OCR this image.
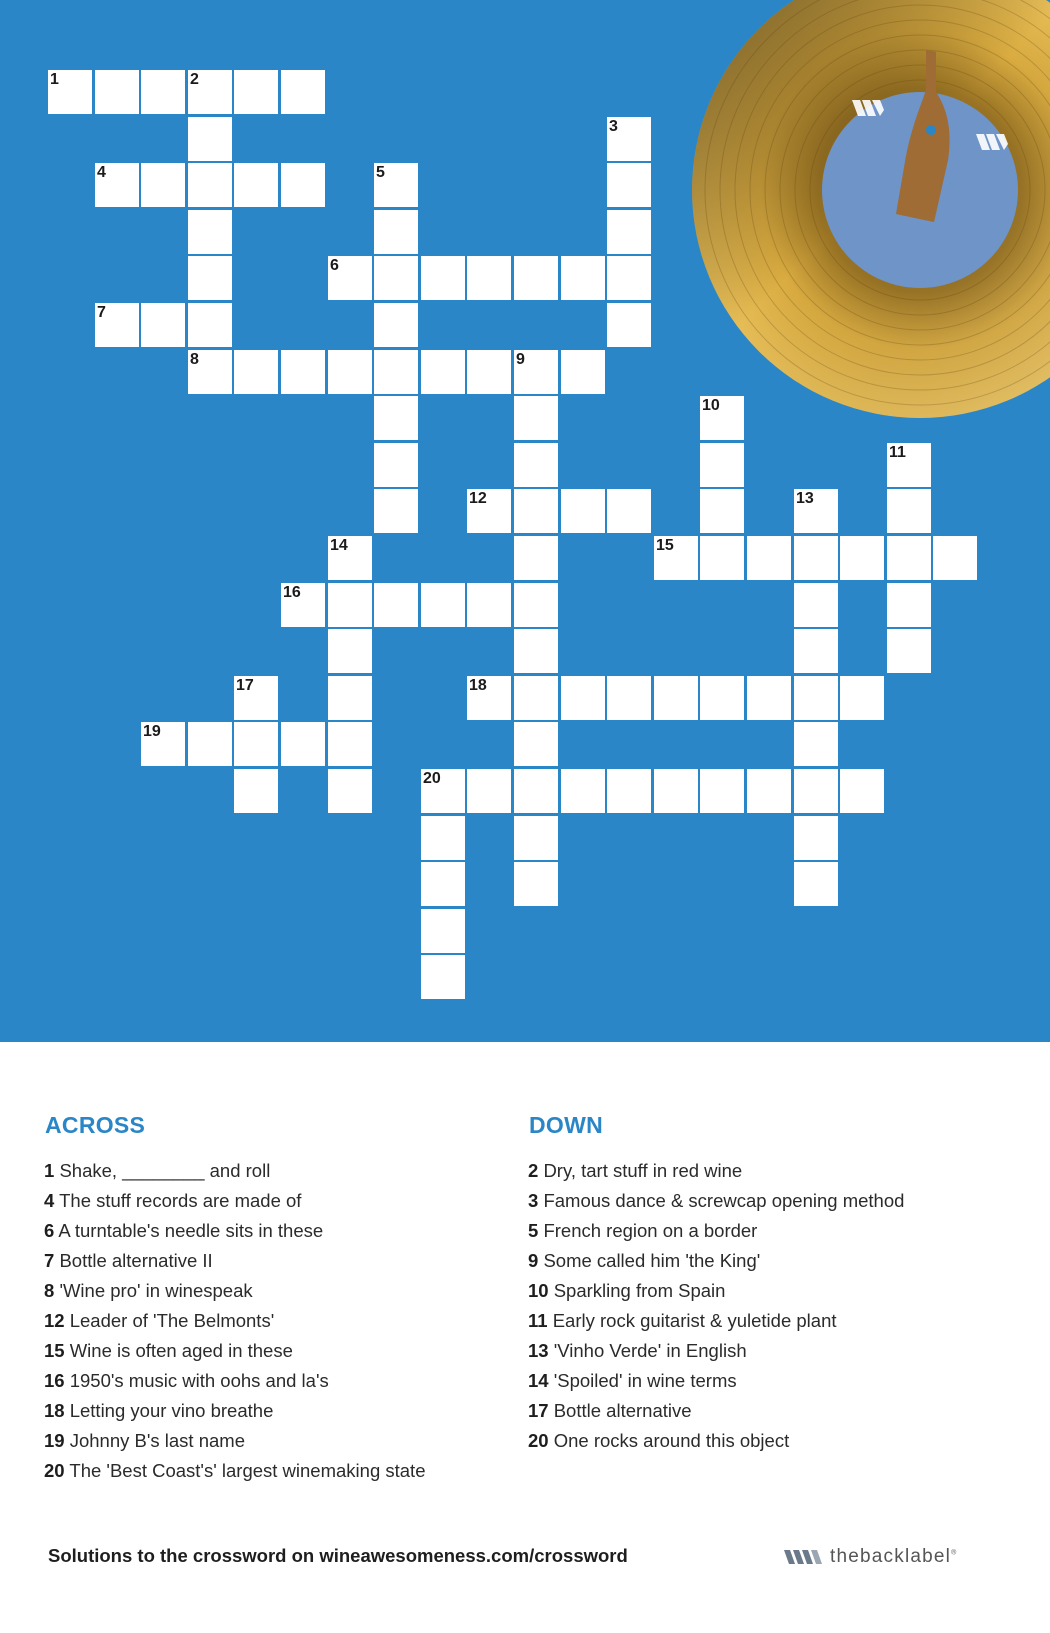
1	2
3
4	5
6
7
8	9
10
11
12	13
14	15
16
17	18
19
20
ACROSS
1 Shake, ________ and roll
4 The stuff records are made of
6 A turntable's needle sits in these
7 Bottle alternative II
8 'Wine pro' in winespeak
12 Leader of 'The Belmonts'
15 Wine is often aged in these
16 1950's music with oohs and la's
18 Letting your vino breathe
19 Johnny B's last name
20 The 'Best Coast's' largest winemaking state
DOWN
2 Dry, tart stuff in red wine
3 Famous dance & screwcap opening method
5 French region on a border
9 Some called him 'the King'
10 Sparkling from Spain
11 Early rock guitarist & yuletide plant
13 'Vinho Verde' in English
14 'Spoiled' in wine terms
17 Bottle alternative
20 One rocks around this object
Solutions to the crossword on wineawesomeness.com/crossword	thebacklabel®
